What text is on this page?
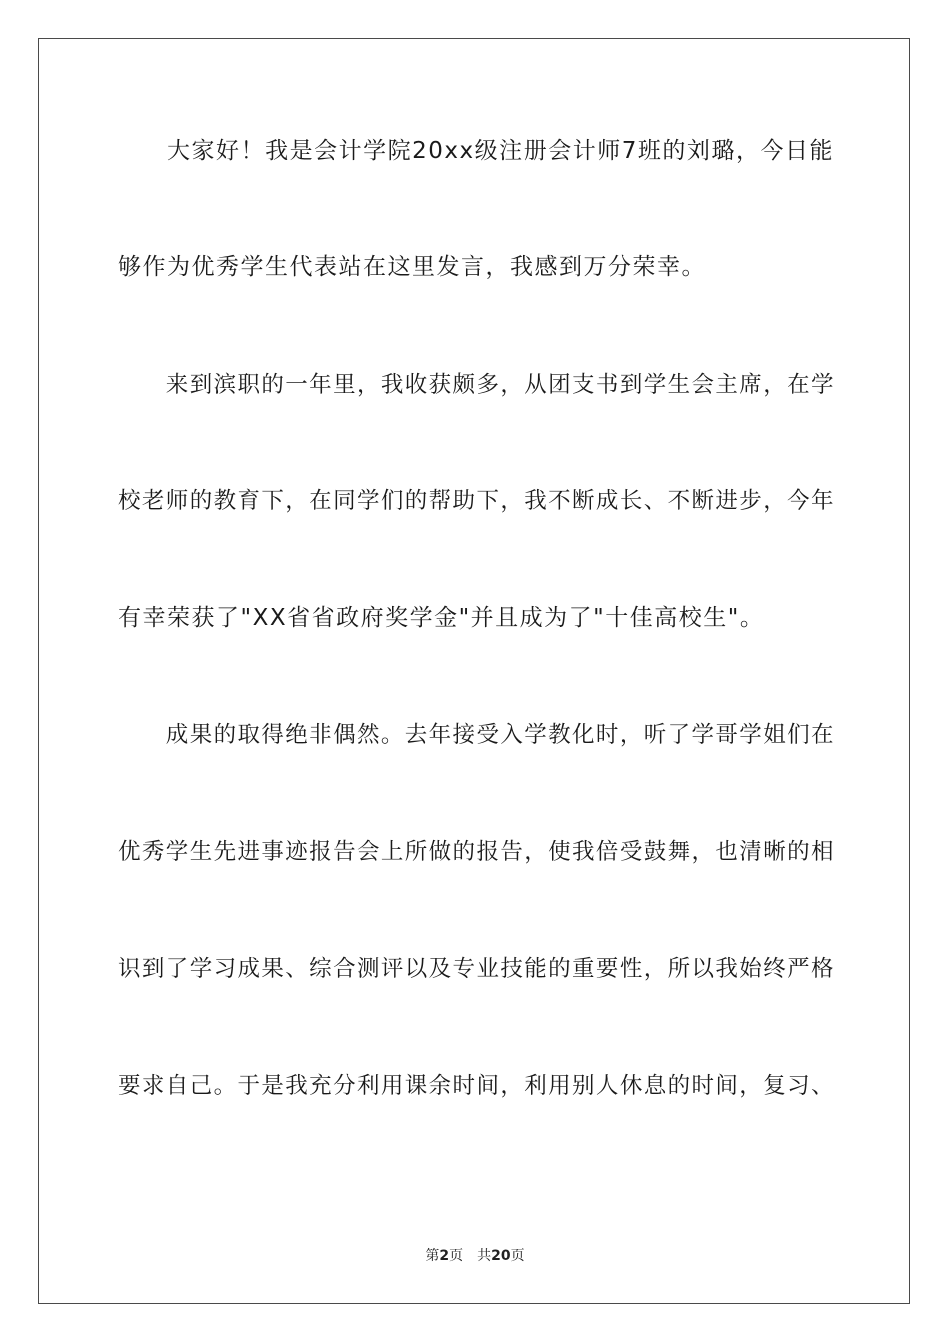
　　大家好！我是会计学院20xx级注册会计师7班的刘璐，今日能
够作为优秀学生代表站在这里发言，我感到万分荣幸。
　　来到滨职的一年里，我收获颇多，从团支书到学生会主席，在学
校老师的教育下，在同学们的帮助下，我不断成长、不断进步，今年
有幸荣获了"XX省省政府奖学金"并且成为了"十佳高校生"。
　　成果的取得绝非偶然。去年接受入学教化时，听了学哥学姐们在
优秀学生先进事迹报告会上所做的报告，使我倍受鼓舞，也清晰的相
识到了学习成果、综合测评以及专业技能的重要性，所以我始终严格
要求自己。于是我充分利用课余时间，利用别人休息的时间，复习、
第2页 共20页
